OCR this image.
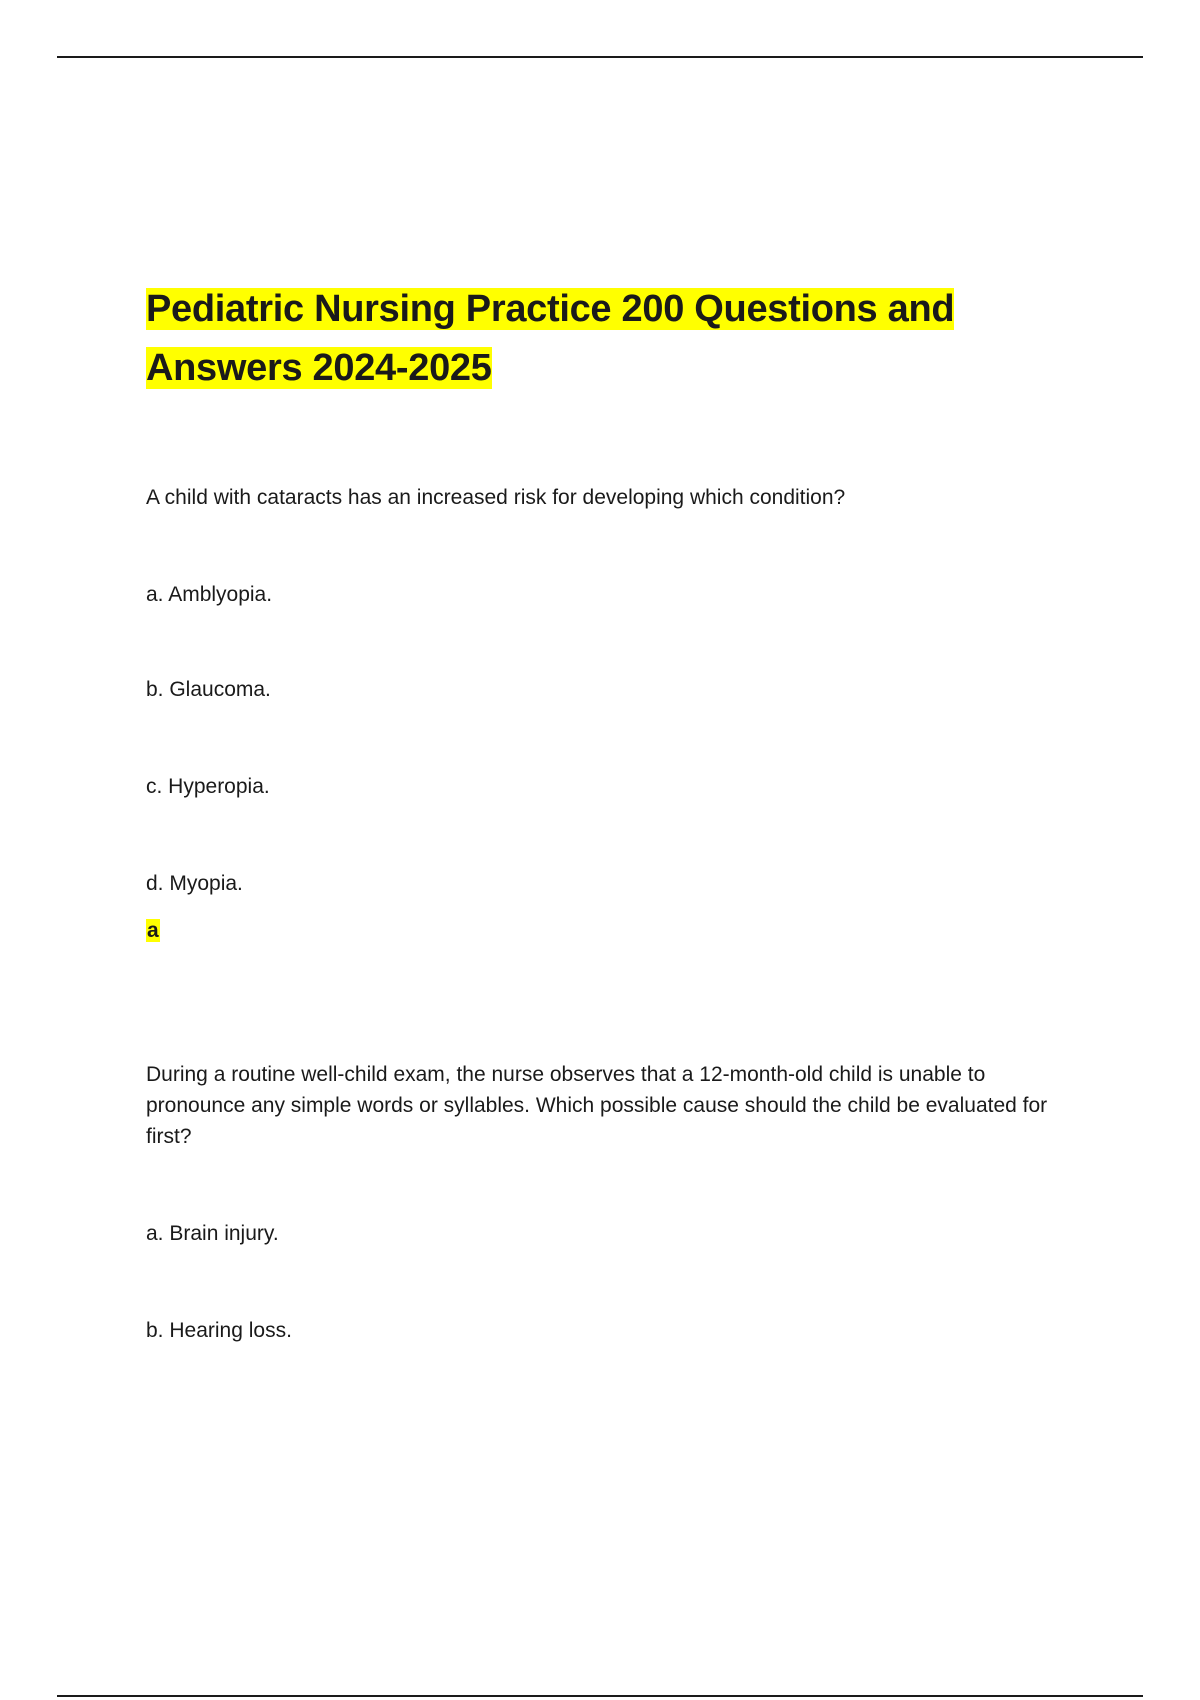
Pediatric Nursing Practice 200 Questions and
Answers 2024-2025

A child with cataracts has an increased risk for developing which condition?

a. Amblyopia.

b. Glaucoma.

c. Hyperopia.

d. Myopia.

a

During a routine well-child exam, the nurse observes that a 12-month-old child is unable to pronounce any simple words or syllables. Which possible cause should the child be evaluated for first?

a. Brain injury.

b. Hearing loss.
